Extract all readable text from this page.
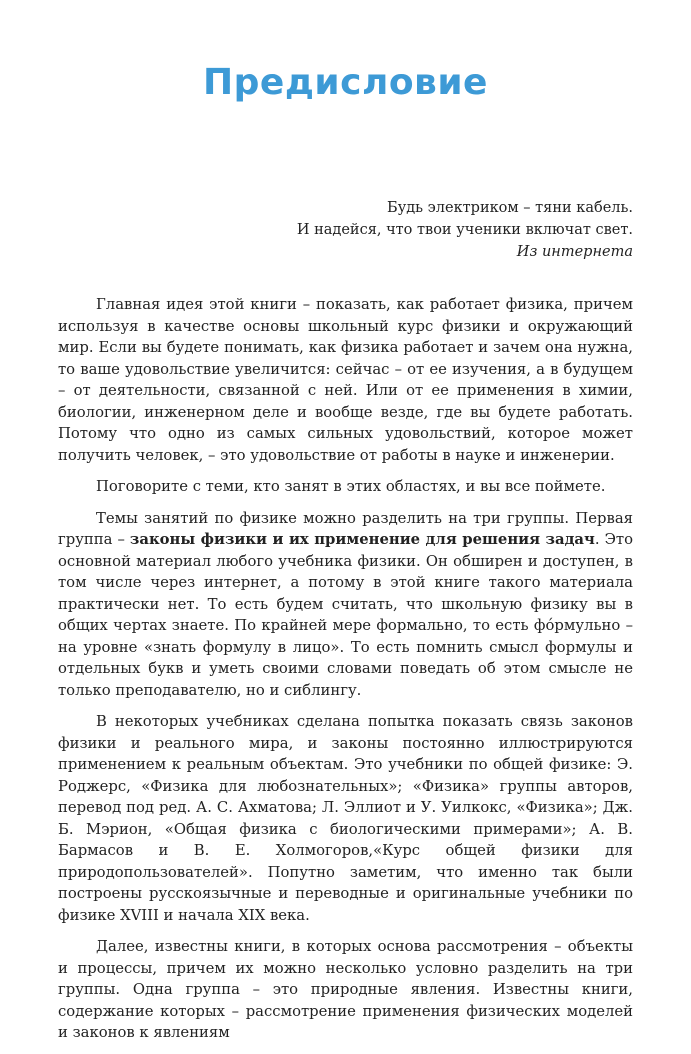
Предисловие
Будь электриком – тяни кабель.
И надейся, что твои ученики включат свет.
Из интернета

Главная идея этой книги – показать, как работает физика, причем используя в качестве основы школьный курс физики и окружающий мир. Если вы будете понимать, как физика работает и зачем она нужна, то ваше удовольствие увеличится: сейчас – от ее изучения, а в будущем – от деятельности, связанной с ней. Или от ее применения в химии, биологии, инженерном деле и вообще везде, где вы будете работать. Потому что одно из самых сильных удовольствий, которое может получить человек, – это удовольствие от работы в науке и инженерии.

Поговорите с теми, кто занят в этих областях, и вы все поймете.

Темы занятий по физике можно разделить на три группы. Первая группа – законы физики и их применение для решения задач. Это основной материал любого учебника физики. Он обширен и доступен, в том числе через интернет, а потому в этой книге такого материала практически нет. То есть будем считать, что школьную физику вы в общих чертах знаете. По крайней мере формально, то есть фóрмульно – на уровне «знать формулу в лицо». То есть помнить смысл формулы и отдельных букв и уметь своими словами поведать об этом смысле не только преподавателю, но и сиблингу.

В некоторых учебниках сделана попытка показать связь законов физики и реального мира, и законы постоянно иллюстрируются применением к реальным объектам. Это учебники по общей физике: Э. Роджерс, «Физика для любознательных»; «Физика» группы авторов, перевод под ред. А. С. Ахматова; Л. Эллиот и У. Уилкокс, «Физика»; Дж. Б. Мэрион, «Общая физика с биологическими примерами»; А. В. Бармасов и В. Е. Холмогоров,«Курс общей физики для природопользователей». Попутно заметим, что именно так были построены русскоязычные и переводные и оригинальные учебники по физике XVIII и начала XIX века.

Далее, известны книги, в которых основа рассмотрения – объекты и процессы, причем их можно несколько условно разделить на три группы. Одна группа – это природные явления. Известны книги, содержание которых – рассмотрение применения физических моделей и законов к явлениям
